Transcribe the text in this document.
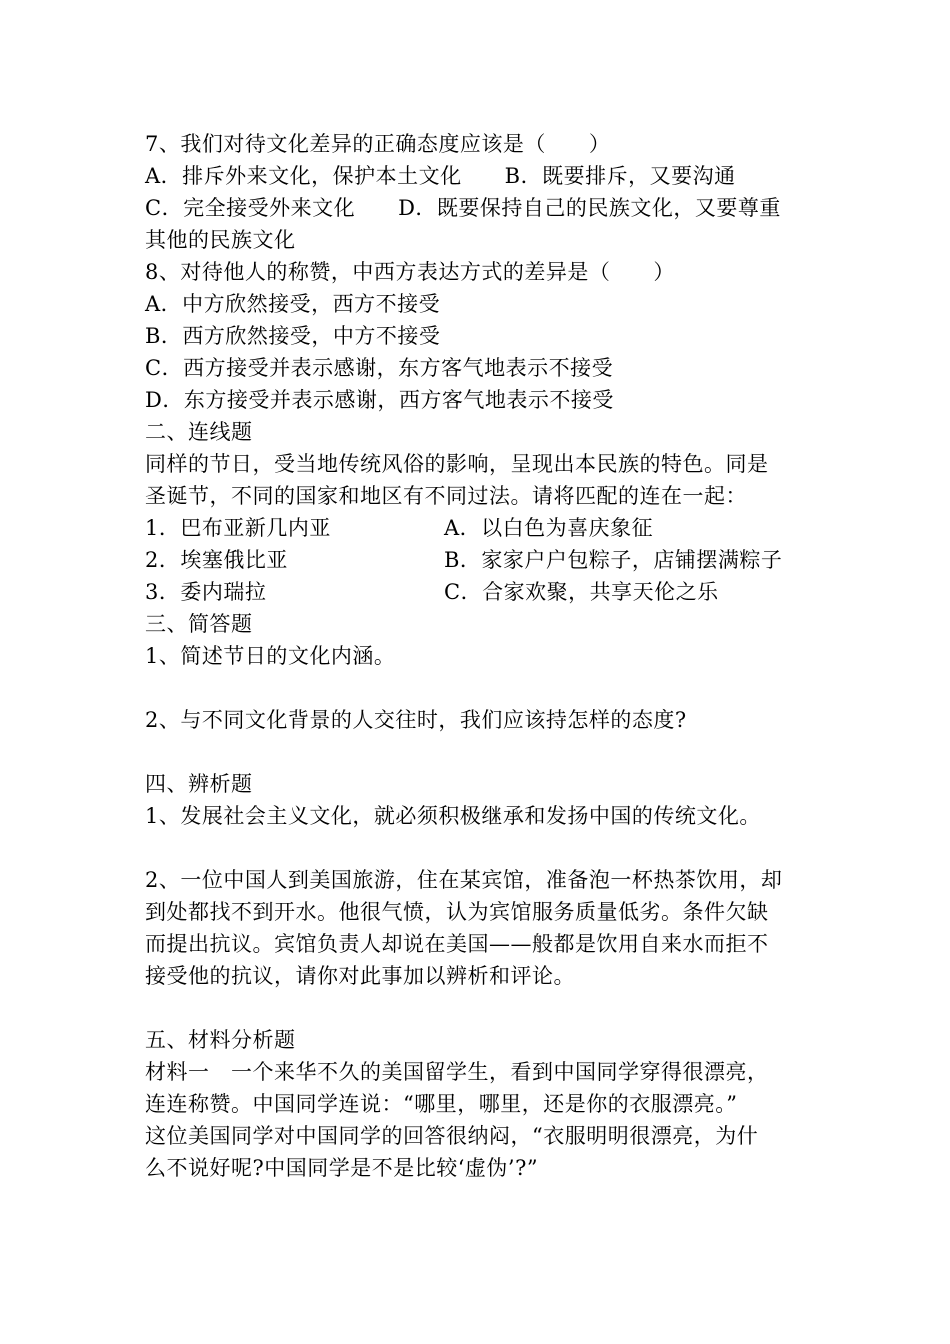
7、我们对待文化差异的正确态度应该是（　　）
A．排斥外来文化，保护本土文化　　B．既要排斥，又要沟通
C．完全接受外来文化　　D．既要保持自己的民族文化，又要尊重
其他的民族文化
8、对待他人的称赞，中西方表达方式的差异是（　　）
A．中方欣然接受，西方不接受
B．西方欣然接受，中方不接受
C．西方接受并表示感谢，东方客气地表示不接受
D．东方接受并表示感谢，西方客气地表示不接受
二、连线题
同样的节日，受当地传统风俗的影响，呈现出本民族的特色。同是
圣诞节，不同的国家和地区有不同过法。请将匹配的连在一起：
1．巴布亚新几内亚	A．以白色为喜庆象征
2．埃塞俄比亚	B．家家户户包粽子，店铺摆满粽子
3．委内瑞拉	C．合家欢聚，共享天伦之乐
三、简答题
1、简述节日的文化内涵。
2、与不同文化背景的人交往时，我们应该持怎样的态度?
四、辨析题
1、发展社会主义文化，就必须积极继承和发扬中国的传统文化。
2、一位中国人到美国旅游，住在某宾馆，准备泡一杯热茶饮用，却
到处都找不到开水。他很气愤，认为宾馆服务质量低劣。条件欠缺
而提出抗议。宾馆负责人却说在美国——般都是饮用自来水而拒不
接受他的抗议，请你对此事加以辨析和评论。
五、材料分析题
材料一　一个来华不久的美国留学生，看到中国同学穿得很漂亮，
连连称赞。中国同学连说：“哪里，哪里，还是你的衣服漂亮。”
这位美国同学对中国同学的回答很纳闷，“衣服明明很漂亮，为什
么不说好呢?中国同学是不是比较‘虚伪’?”
